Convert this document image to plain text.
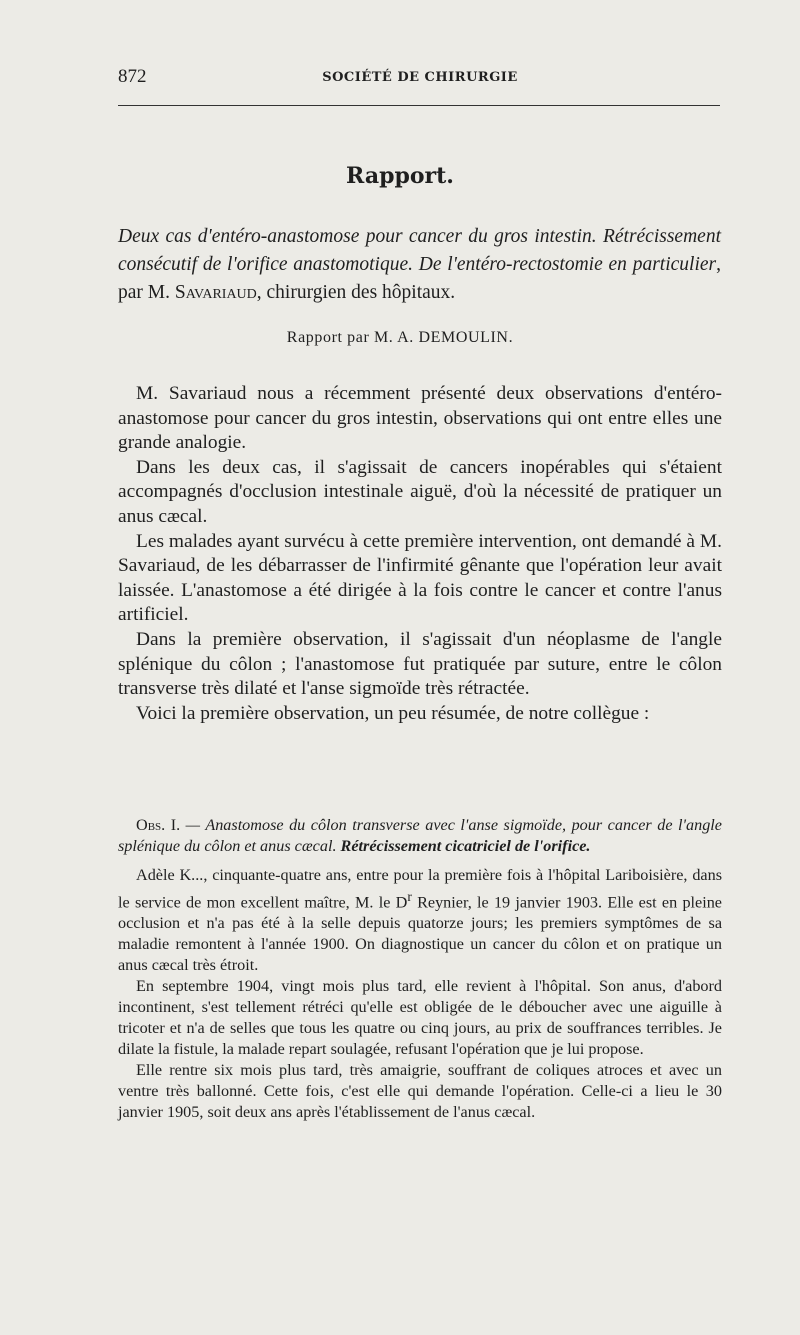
872	SOCIÉTÉ DE CHIRURGIE
Rapport.
Deux cas d'entéro-anastomose pour cancer du gros intestin. Rétrécissement consécutif de l'orifice anastomotique. De l'entéro-rectostomie en particulier, par M. Savariaud, chirurgien des hôpitaux.
Rapport par M. A. DEMOULIN.

M. Savariaud nous a récemment présenté deux observations d'entéro-anastomose pour cancer du gros intestin, observations qui ont entre elles une grande analogie.

Dans les deux cas, il s'agissait de cancers inopérables qui s'étaient accompagnés d'occlusion intestinale aiguë, d'où la nécessité de pratiquer un anus cæcal.

Les malades ayant survécu à cette première intervention, ont demandé à M. Savariaud, de les débarrasser de l'infirmité gênante que l'opération leur avait laissée. L'anastomose a été dirigée à la fois contre le cancer et contre l'anus artificiel.

Dans la première observation, il s'agissait d'un néoplasme de l'angle splénique du côlon ; l'anastomose fut pratiquée par suture, entre le côlon transverse très dilaté et l'anse sigmoïde très rétractée.

Voici la première observation, un peu résumée, de notre collègue :

Obs. I. — Anastomose du côlon transverse avec l'anse sigmoïde, pour cancer de l'angle splénique du côlon et anus cæcal. Rétrécissement cicatriciel de l'orifice.

Adèle K..., cinquante-quatre ans, entre pour la première fois à l'hôpital Lariboisière, dans le service de mon excellent maître, M. le $D^r$ Reynier, le 19 janvier 1903. Elle est en pleine occlusion et n'a pas été à la selle depuis quatorze jours; les premiers symptômes de sa maladie remontent à l'année 1900. On diagnostique un cancer du côlon et on pratique un anus cæcal très étroit.

En septembre 1904, vingt mois plus tard, elle revient à l'hôpital. Son anus, d'abord incontinent, s'est tellement rétréci qu'elle est obligée de le déboucher avec une aiguille à tricoter et n'a de selles que tous les quatre ou cinq jours, au prix de souffrances terribles. Je dilate la fistule, la malade repart soulagée, refusant l'opération que je lui propose.

Elle rentre six mois plus tard, très amaigrie, souffrant de coliques atroces et avec un ventre très ballonné. Cette fois, c'est elle qui demande l'opération. Celle-ci a lieu le 30 janvier 1905, soit deux ans après l'établissement de l'anus cæcal.
